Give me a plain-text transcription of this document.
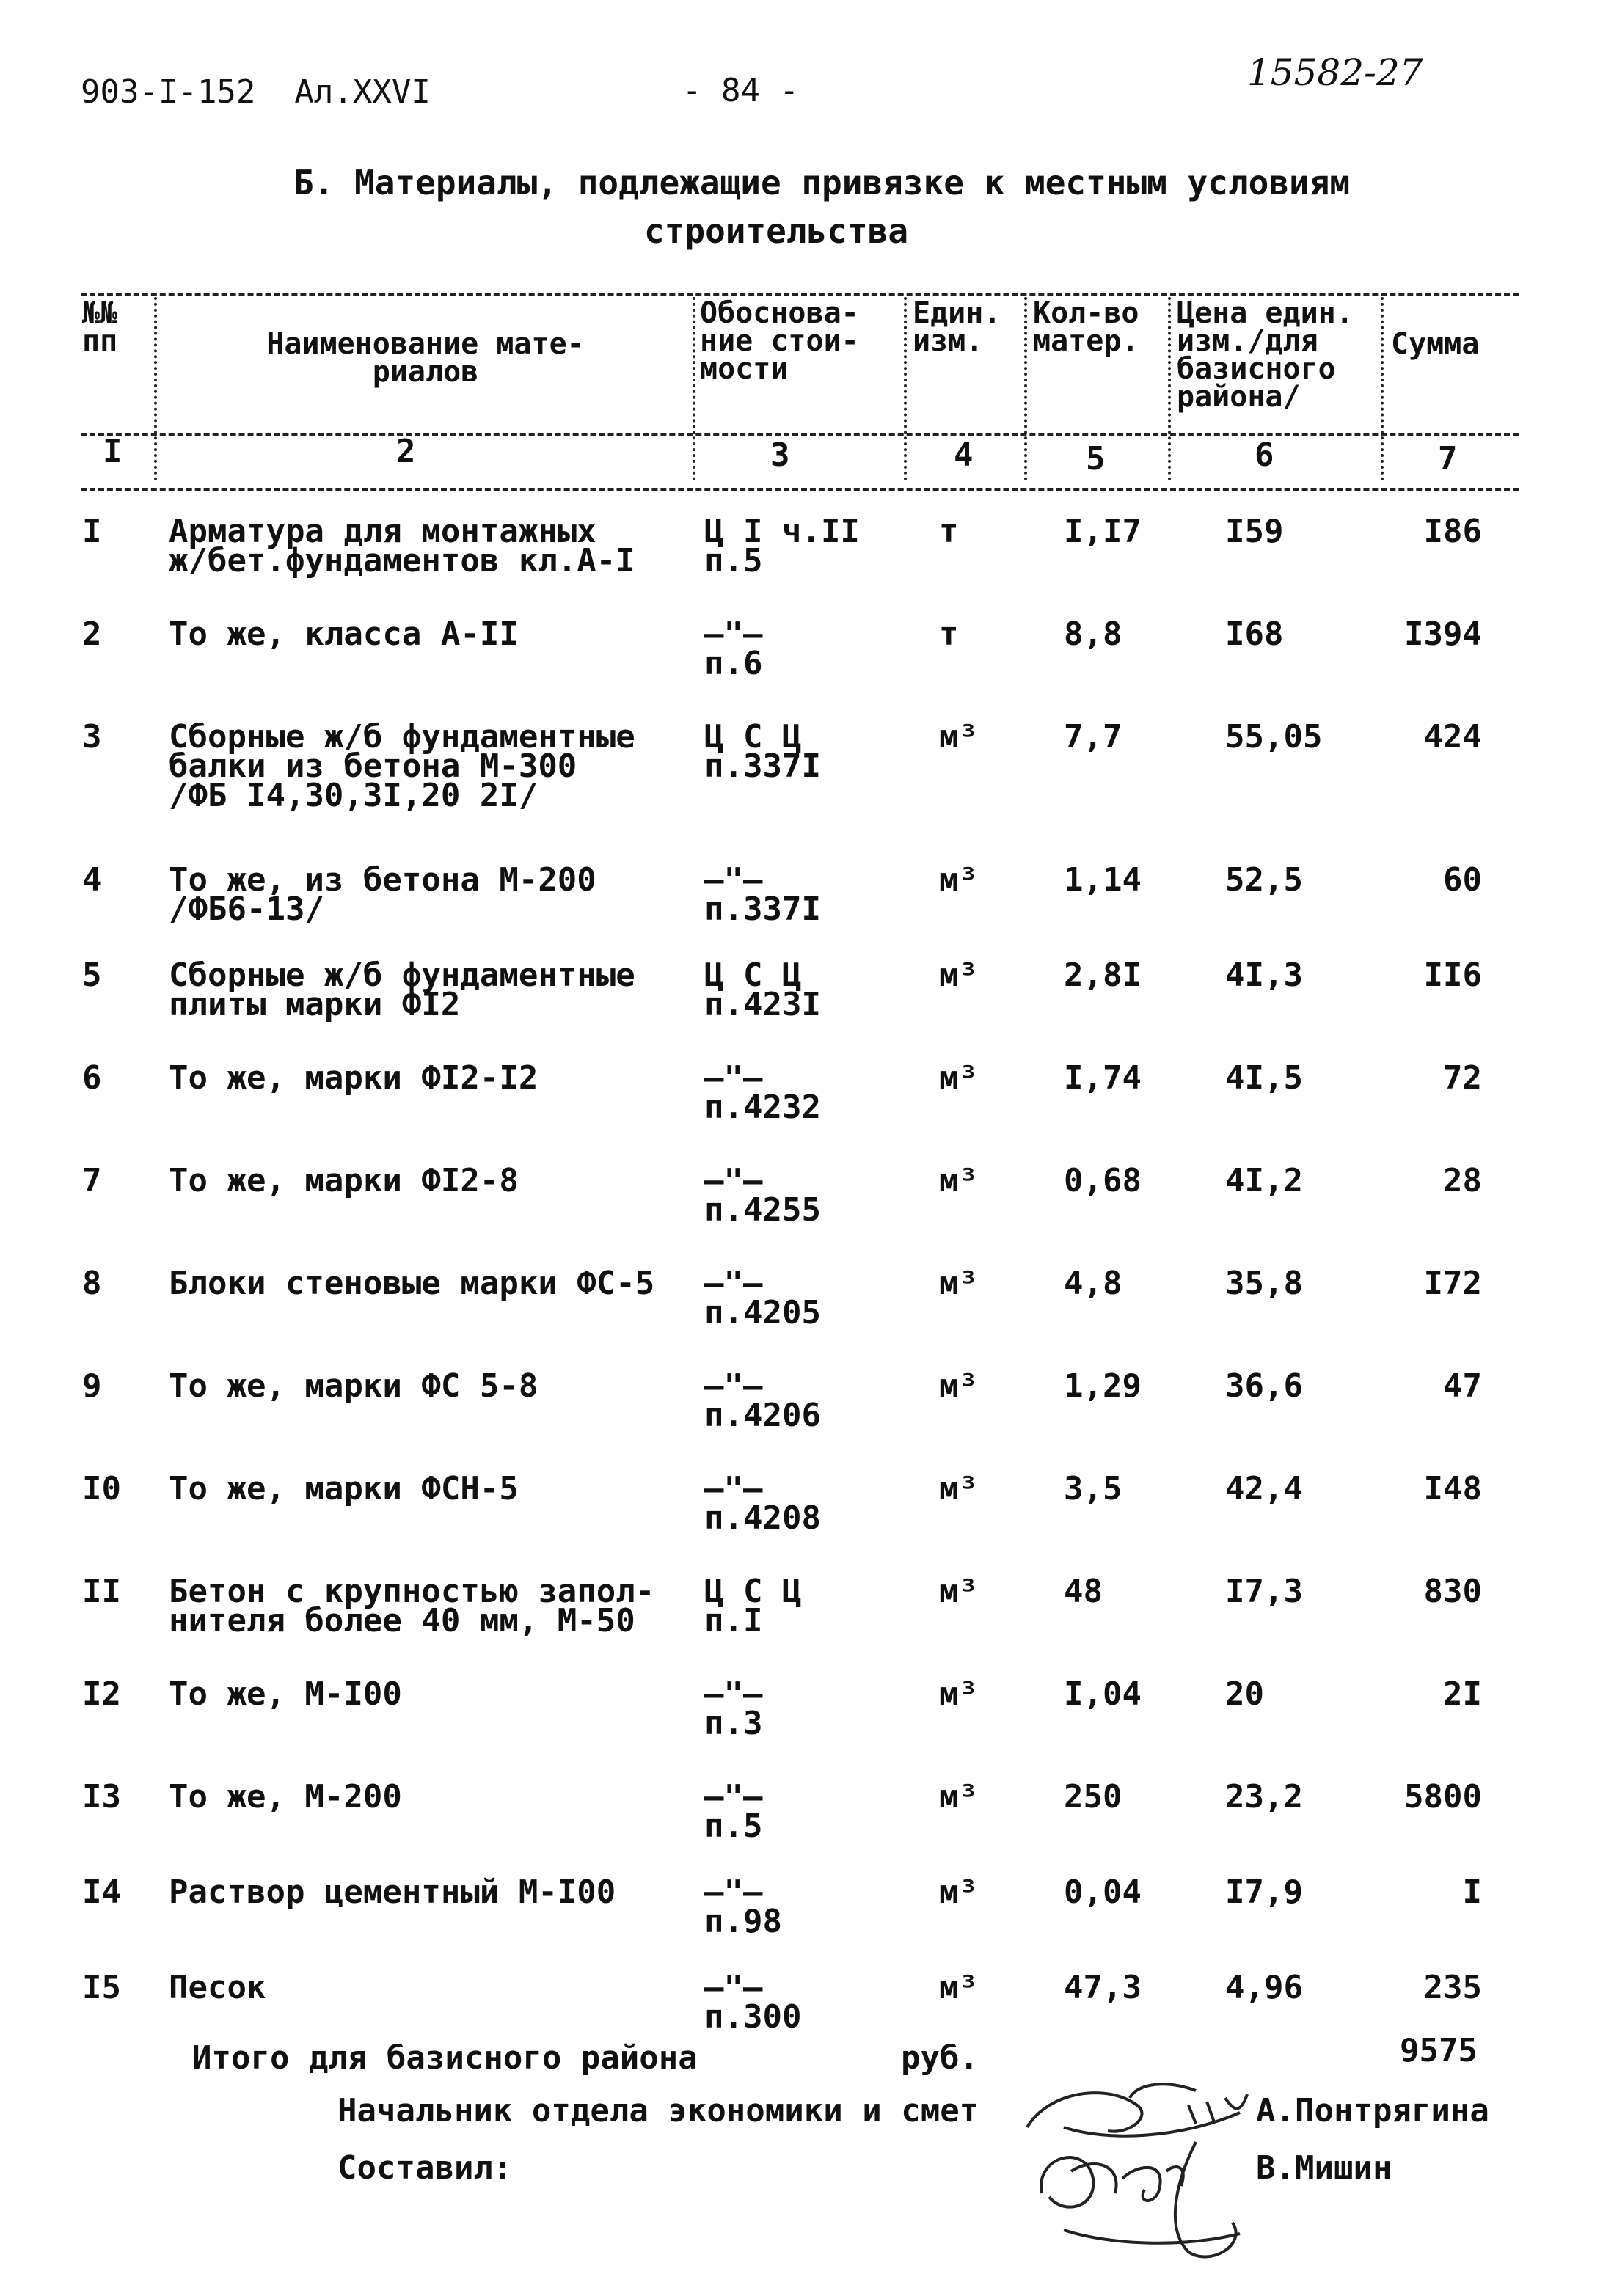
903-I-152 Ал.XXVI	- 84 -	15582-27
Б. Материалы, подлежащие привязке к местным условиям
строительства
№№
пп	Наименование мате-
риалов
Обоснова-
ние стои-
мости
Един.
изм.
Кол-во
матер.
Цена един.
изм./для
базисного
района/
Сумма
I	2	3	4	5	6	7
I Арматура для монтажных
ж/бет.фундаментов кл.А-I
Ц I ч.II
п.5
т	I,I7	I59	I86
2 То же, класса А-II	–"–
п.6
т	8,8	I68	I394
3 Сборные ж/б фундаментные
балки из бетона М-300
/ФБ I4,30,3I,20 2I/
Ц С Ц
п.337I
м³	7,7	55,05	424
4 То же, из бетона М-200
/ФБ6-13/
–"–
п.337I
м³	1,14	52,5	60
5 Сборные ж/б фундаментные
плиты марки ФI2
Ц С Ц
п.423I
м³	2,8I	4I,3	II6
6 То же, марки ФI2-I2	–"–
п.4232
м³	I,74	4I,5	72
7 То же, марки ФI2-8	–"–
п.4255
м³	0,68	4I,2	28
8 Блоки стеновые марки ФС-5 –"–
п.4205
м³	4,8	35,8	I72
9 То же, марки ФС 5-8	–"–
п.4206
м³	1,29	36,6	47
I0 То же, марки ФСН-5	–"–
п.4208
м³	3,5	42,4	I48
II Бетон с крупностью запол-
нителя более 40 мм, М-50
Ц С Ц
п.I
м³	48	I7,3	830
I2 То же, М-I00	–"–
п.3
м³	I,04	20	2I
I3 То же, М-200	–"–
п.5
м³	250	23,2	5800
I4 Раствор цементный М-I00	–"–
п.98
м³	0,04	I7,9	I
I5 Песок	–"–
п.300
м³	47,3	4,96	235
Итого для базисного района	руб.	9575
Начальник отдела экономики и смет	А.Понтрягина
Составил:	В.Мишин
